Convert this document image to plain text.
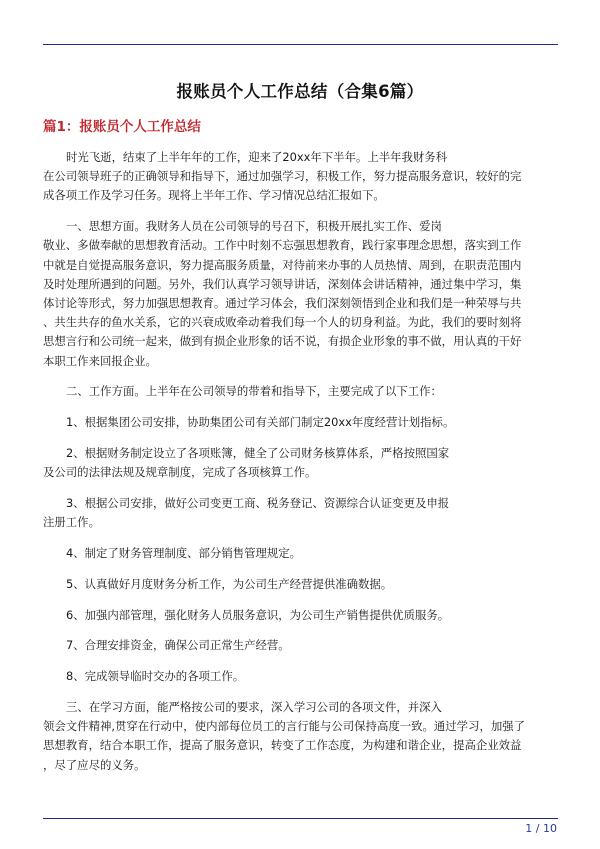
报账员个人工作总结（合集6篇）
篇1：报账员个人工作总结
时光飞逝，结束了上半年年的工作，迎来了20xx年下半年。上半年我财务科
在公司领导班子的正确领导和指导下，通过加强学习，积极工作，努力提高服务意识，较好的完
成各项工作及学习任务。现将上半年工作、学习情况总结汇报如下。
一、思想方面。我财务人员在公司领导的号召下，积极开展扎实工作、爱岗
敬业、多做奉献的思想教育活动。工作中时刻不忘强思想教育，践行家事理念思想，落实到工作
中就是自觉提高服务意识，努力提高服务质量，对待前来办事的人员热情、周到，在职责范围内
及时处理所遇到的问题。另外，我们认真学习领导讲话，深刻体会讲话精神，通过集中学习，集
体讨论等形式，努力加强思想教育。通过学习体会，我们深刻领悟到企业和我们是一种荣辱与共
、共生共存的鱼水关系，它的兴衰成败牵动着我们每一个人的切身利益。为此，我们的要时刻将
思想言行和公司统一起来，做到有损企业形象的话不说，有损企业形象的事不做，用认真的干好
本职工作来回报企业。
二、工作方面。上半年在公司领导的带着和指导下，主要完成了以下工作：
1、根据集团公司安排，协助集团公司有关部门制定20xx年度经营计划指标。
2、根据财务制定设立了各项账簿，健全了公司财务核算体系，严格按照国家
及公司的法律法规及规章制度，完成了各项核算工作。
3、根据公司安排，做好公司变更工商、税务登记、资源综合认证变更及申报
注册工作。
4、制定了财务管理制度、部分销售管理规定。
5、认真做好月度财务分析工作，为公司生产经营提供准确数据。
6、加强内部管理，强化财务人员服务意识，为公司生产销售提供优质服务。
7、合理安排资金，确保公司正常生产经营。
8、完成领导临时交办的各项工作。
三、在学习方面，能严格按公司的要求，深入学习公司的各项文件，并深入
领会文件精神,贯穿在行动中，使内部每位员工的言行能与公司保持高度一致。通过学习，加强了
思想教育，结合本职工作，提高了服务意识，转变了工作态度，为构建和谐企业，提高企业效益
，尽了应尽的义务。
1 / 10
